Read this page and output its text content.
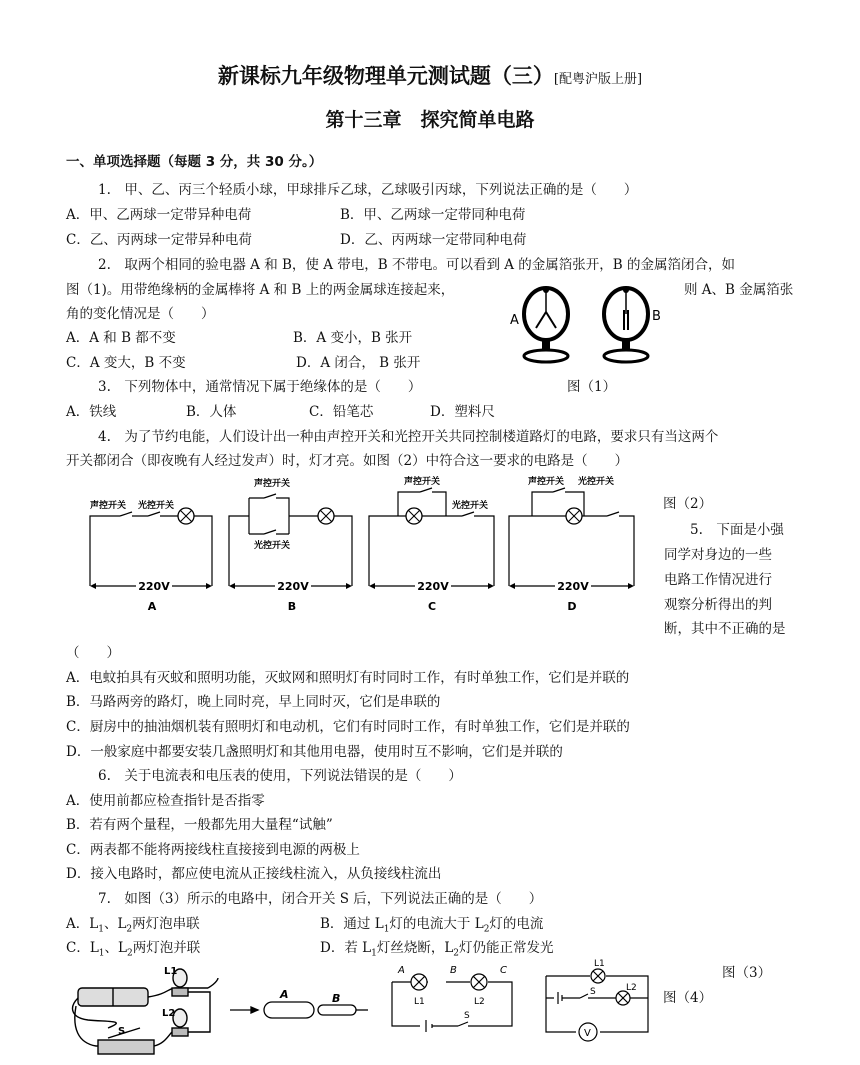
新课标九年级物理单元测试题（三）[配粤沪版上册]
第十三章　探究简单电路
一、单项选择题（每题 3 分，共 30 分。）
1.　甲、乙、丙三个轻质小球，甲球排斥乙球，乙球吸引丙球，下列说法正确的是（　　）
A．甲、乙两球一定带异种电荷	B．甲、乙两球一定带同种电荷
C．乙、丙两球一定带异种电荷	D．乙、丙两球一定带同种电荷
2.　取两个相同的验电器 A 和 B，使 A 带电，B 不带电。可以看到 A 的金属箔张开，B 的金属箔闭合，如
图（1)。用带绝缘柄的金属棒将 A 和 B 上的两金属球连接起来，	则 A、B 金属箔张
角的变化情况是（　　）
A．A 和 B 都不变	B．A 变小，B 张开
C．A 变大，B 不变	D．A 闭合， B 张开
A	B
3.　下列物体中，通常情况下属于绝缘体的是（　　）	图（1）
A．铁线	B．人体	C．铅笔芯	D．塑料尺
4.　为了节约电能，人们设计出一种由声控开关和光控开关共同控制楼道路灯的电路，要求只有当这两个
开关都闭合（即夜晚有人经过发声）时，灯才亮。如图（2）中符合这一要求的电路是（　　）
图（2）
声控开关 光控开关
声控开关
光控开关
声控开关
光控开关
声控开关 光控开关
220V	220V	220V	220V
A	B	C	D
5.　下面是小强
同学对身边的一些
电路工作情况进行
观察分析得出的判
断，其中不正确的是
（　　）
A．电蚊拍具有灭蚊和照明功能，灭蚊网和照明灯有时同时工作，有时单独工作，它们是并联的
B．马路两旁的路灯，晚上同时亮，早上同时灭，它们是串联的
C．厨房中的抽油烟机装有照明灯和电动机，它们有时同时工作，有时单独工作，它们是并联的
D．一般家庭中都要安装几盏照明灯和其他用电器，使用时互不影响，它们是并联的
6.　关于电流表和电压表的使用，下列说法错误的是（　　）
A．使用前都应检查指针是否指零
B．若有两个量程，一般都先用大量程“试触”
C．两表都不能将两接线柱直接接到电源的两极上
D．接入电路时，都应使电流从正接线柱流入，从负接线柱流出
7.　如图（3）所示的电路中，闭合开关 S 后，下列说法正确的是（　　）
A．$L_1$、$L_2$两灯泡串联	B．通过 $L_1$灯的电流大于 $L_2$灯的电流
C．$L_1$、$L_2$两灯泡并联	D．若 $L_1$灯丝烧断，$L_2$灯仍能正常发光
图（3）
图（4）
L1
L2
S
A	B
A	B	C
L1	L2
S
L1
L2
S
V
